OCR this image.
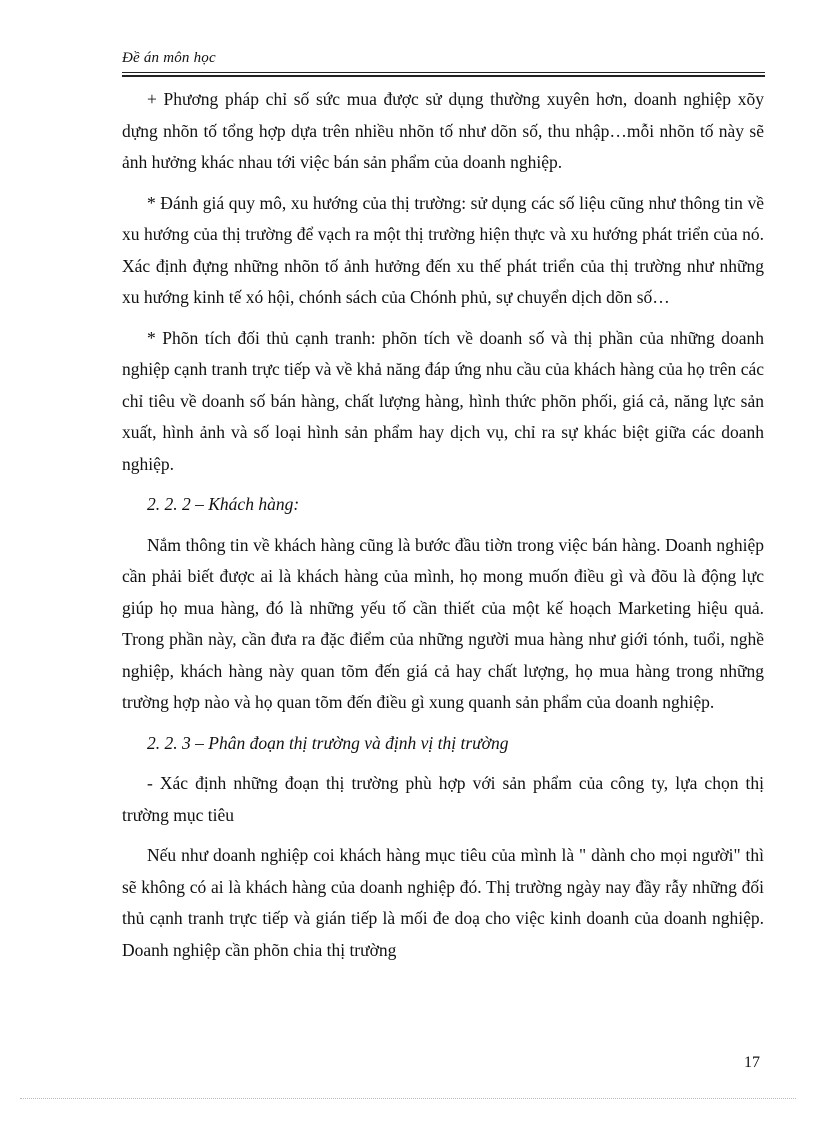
Đề án môn học

+ Phương pháp chỉ số sức mua được sử dụng thường xuyên hơn, doanh nghiệp xõy dựng nhõn tố tổng hợp dựa trên nhiều nhõn tố như dõn số, thu nhập…mỗi nhõn tố này sẽ ảnh hưởng khác nhau tới việc bán sản phẩm của doanh nghiệp.

* Đánh giá quy mô, xu hướng của thị trường: sử dụng các số liệu cũng như thông tin về xu hướng của thị trường để vạch ra một thị trường hiện thực và xu hướng phát triển của nó. Xác định đựng những nhõn tố ảnh hưởng đến xu thế phát triển của thị trường như những xu hướng kinh tế xó hội, chónh sách của Chónh phủ, sự chuyển dịch dõn số…

* Phõn tích đối thủ cạnh tranh: phõn tích về doanh số và thị phần của những doanh nghiệp cạnh tranh trực tiếp và về khả năng đáp ứng nhu cầu của khách hàng của họ trên các chỉ tiêu về doanh số bán hàng, chất lượng hàng, hình thức phõn phối, giá cả, năng lực sản xuất, hình ảnh và số loại hình sản phẩm hay dịch vụ, chỉ ra sự khác biệt giữa các doanh nghiệp.

2. 2. 2 – Khách hàng:

Nắm thông tin về khách hàng cũng là bước đầu tiờn trong việc bán hàng. Doanh nghiệp cần phải biết được ai là khách hàng của mình, họ mong muốn điều gì và đõu là động lực giúp họ mua hàng, đó là những yếu tố cần thiết của một kế hoạch Marketing hiệu quả. Trong phần này, cần đưa ra đặc điểm của những người mua hàng như giới tónh, tuổi, nghề nghiệp, khách hàng này quan tõm đến giá cả hay chất lượng, họ mua hàng trong những trường hợp nào và họ quan tõm đến điều gì xung quanh sản phẩm của doanh nghiệp.

2. 2. 3 – Phân đoạn thị trường và định vị thị trường

- Xác định những đoạn thị trường phù hợp với sản phẩm của công ty, lựa chọn thị trường mục tiêu

Nếu như doanh nghiệp coi khách hàng mục tiêu của mình là " dành cho mọi người" thì sẽ không có ai là khách hàng của doanh nghiệp đó. Thị trường ngày nay đầy rẫy những đối thủ cạnh tranh trực tiếp và gián tiếp là mối đe doạ cho việc kinh doanh của doanh nghiệp. Doanh nghiệp cần phõn chia thị trường

17
